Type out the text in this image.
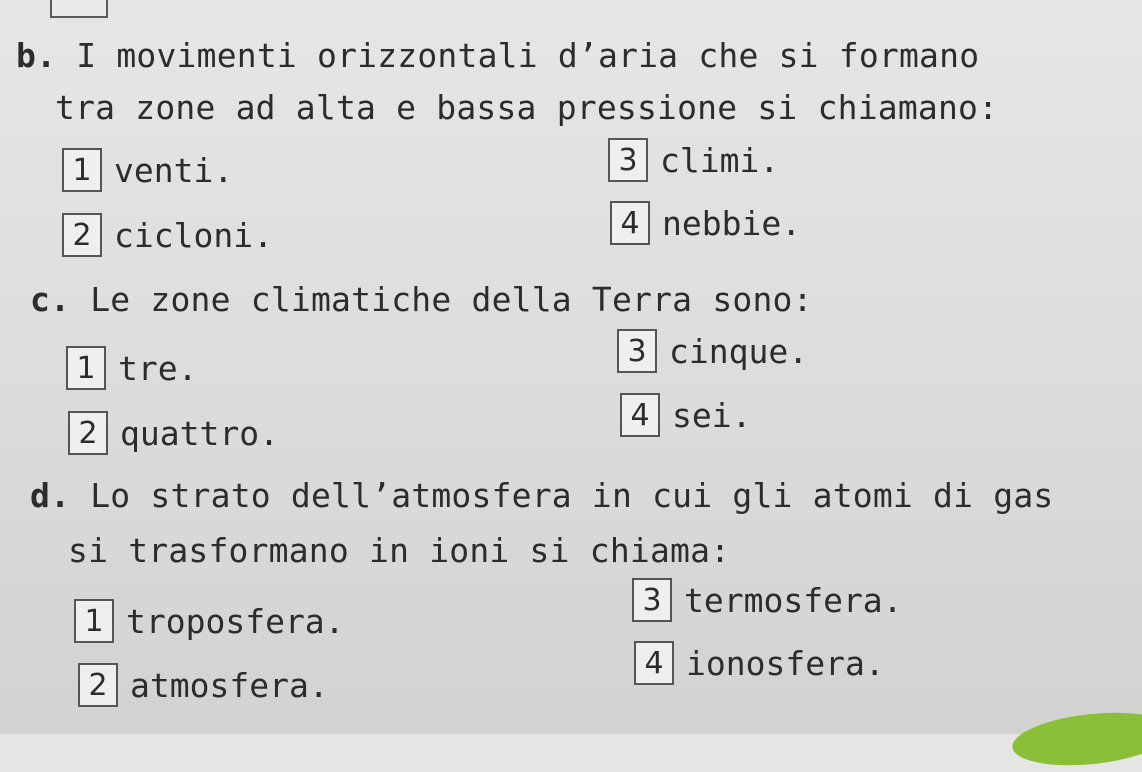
b. I movimenti orizzontali d’aria che si formano
tra zone ad alta e bassa pressione si chiamano:
1 venti.
2 cicloni.
3 climi.
4 nebbie.
c. Le zone climatiche della Terra sono:
1 tre.
2 quattro.
3 cinque.
4 sei.
d. Lo strato dell’atmosfera in cui gli atomi di gas
si trasformano in ioni si chiama:
1 troposfera.
2 atmosfera.
3 termosfera.
4 ionosfera.
